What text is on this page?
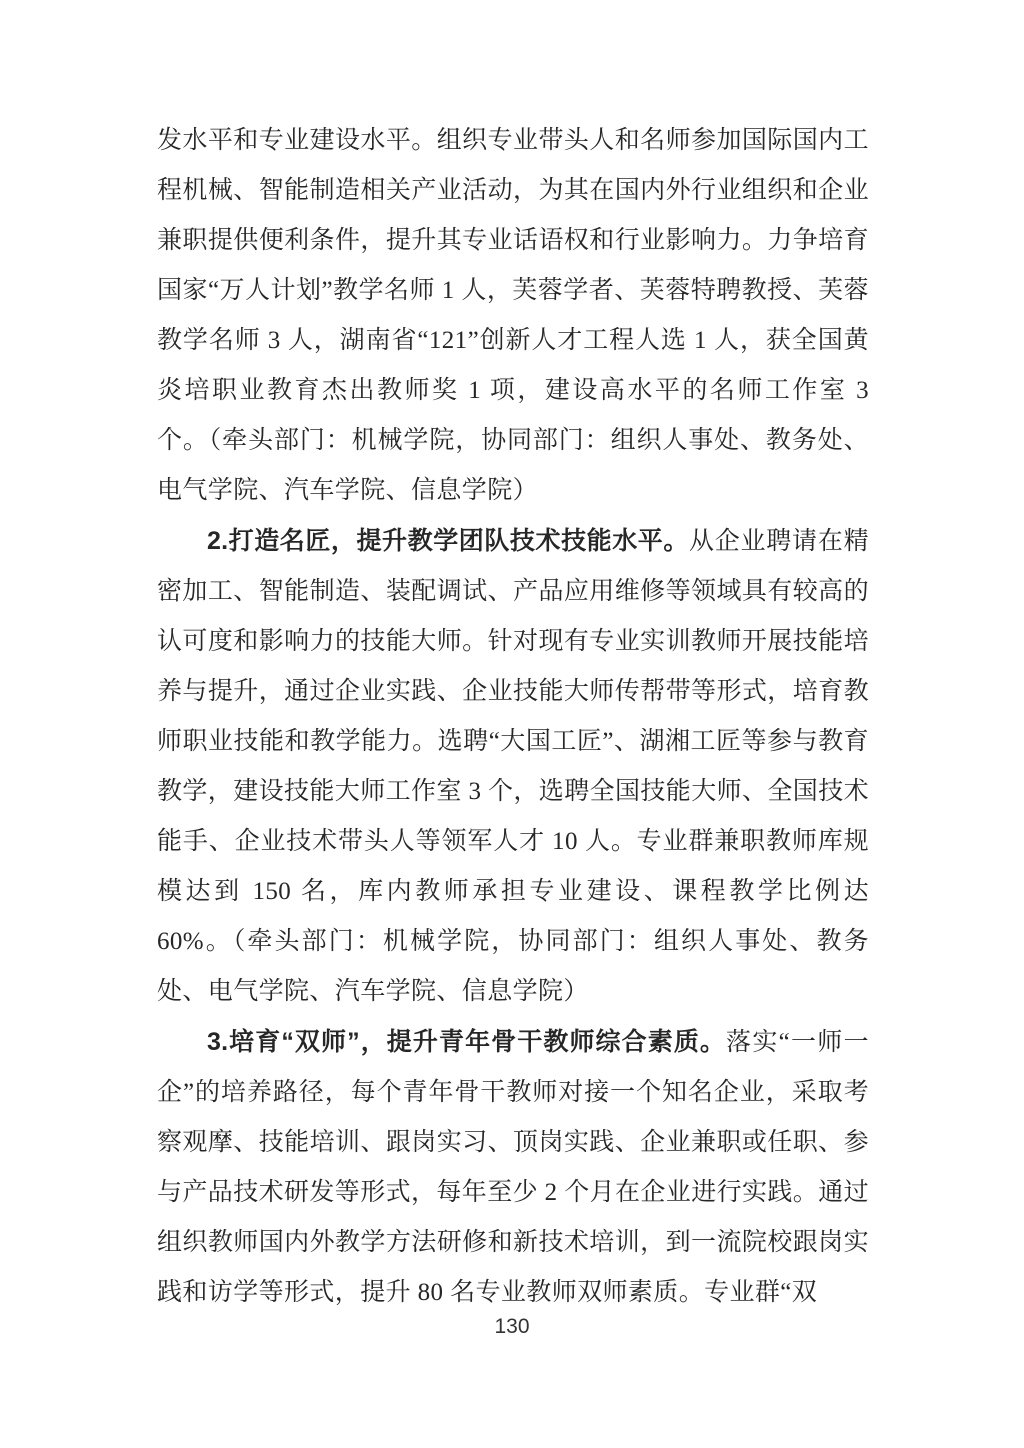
发水平和专业建设水平。组织专业带头人和名师参加国际国内工程机械、智能制造相关产业活动，为其在国内外行业组织和企业兼职提供便利条件，提升其专业话语权和行业影响力。力争培育国家“万人计划”教学名师 1 人，芙蓉学者、芙蓉特聘教授、芙蓉教学名师 3 人，湖南省“121”创新人才工程人选 1 人，获全国黄炎培职业教育杰出教师奖 1 项，建设高水平的名师工作室 3 个。（牵头部门：机械学院，协同部门：组织人事处、教务处、电气学院、汽车学院、信息学院）

2.打造名匠，提升教学团队技术技能水平。从企业聘请在精密加工、智能制造、装配调试、产品应用维修等领域具有较高的认可度和影响力的技能大师。针对现有专业实训教师开展技能培养与提升，通过企业实践、企业技能大师传帮带等形式，培育教师职业技能和教学能力。选聘“大国工匠”、湖湘工匠等参与教育教学，建设技能大师工作室 3 个，选聘全国技能大师、全国技术能手、企业技术带头人等领军人才 10 人。专业群兼职教师库规模达到 150 名，库内教师承担专业建设、课程教学比例达 60%。（牵头部门：机械学院，协同部门：组织人事处、教务处、电气学院、汽车学院、信息学院）

3.培育“双师”，提升青年骨干教师综合素质。落实“一师一企”的培养路径，每个青年骨干教师对接一个知名企业，采取考察观摩、技能培训、跟岗实习、顶岗实践、企业兼职或任职、参与产品技术研发等形式，每年至少 2 个月在企业进行实践。通过组织教师国内外教学方法研修和新技术培训，到一流院校跟岗实践和访学等形式，提升 80 名专业教师双师素质。专业群“双

130
